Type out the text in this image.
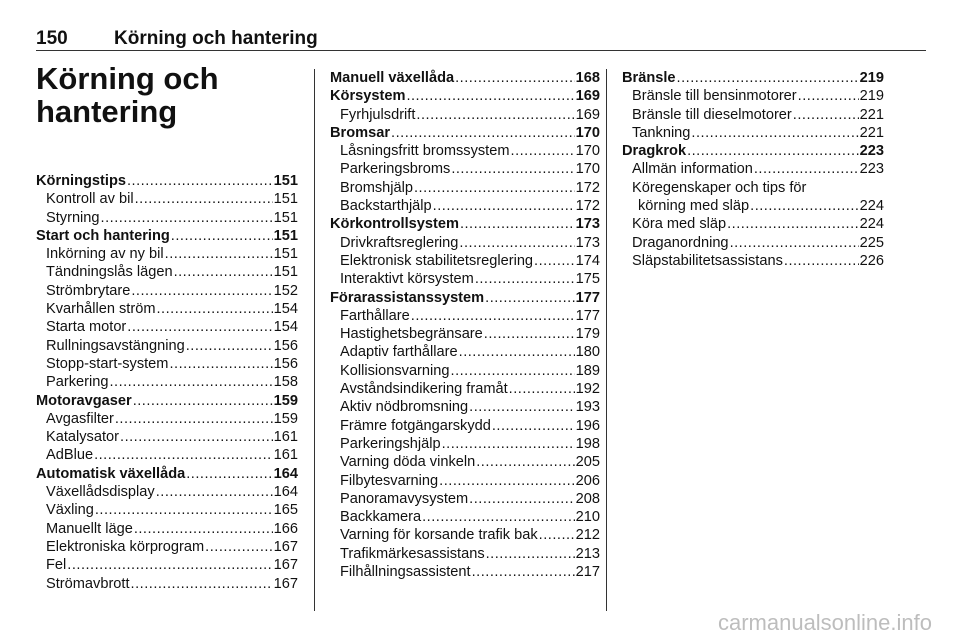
150 Körning och hantering
Körning och
hantering
Körningstips .....	151
Kontroll av bil .....	151
Styrning .....	151
Start och hantering .....	151
Inkörning av ny bil .....	151
Tändningslås lägen .....	151
Strömbrytare .....	152
Kvarhållen ström .....	154
Starta motor .....	154
Rullningsavstängning .....	156
Stopp-start-system .....	156
Parkering .....	158
Motoravgaser .....	159
Avgasfilter .....	159
Katalysator .....	161
AdBlue .....	161
Automatisk växellåda .....	164
Växellådsdisplay .....	164
Växling .....	165
Manuellt läge .....	166
Elektroniska körprogram .....	167
Fel .....	167
Strömavbrott .....	167
Manuell växellåda .....	168
Körsystem .....	169
Fyrhjulsdrift .....	169
Bromsar .....	170
Låsningsfritt bromssystem .....	170
Parkeringsbroms .....	170
Bromshjälp .....	172
Backstarthjälp .....	172
Körkontrollsystem .....	173
Drivkraftsreglering .....	173
Elektronisk stabilitetsreglering .....	174
Interaktivt körsystem .....	175
Förarassistanssystem .....	177
Farthållare .....	177
Hastighetsbegränsare .....	179
Adaptiv farthållare .....	180
Kollisionsvarning .....	189
Avståndsindikering framåt .....	192
Aktiv nödbromsning .....	193
Främre fotgängarskydd .....	196
Parkeringshjälp .....	198
Varning döda vinkeln .....	205
Filbytesvarning .....	206
Panoramavysystem .....	208
Backkamera .....	210
Varning för korsande trafik bak .....	212
Trafikmärkesassistans .....	213
Filhållningsassistent .....	217
Bränsle .....	219
Bränsle till bensinmotorer .....	219
Bränsle till dieselmotorer .....	221
Tankning .....	221
Dragkrok .....	223
Allmän information .....	223
Köregenskaper och tips för
körning med släp .....	224
Köra med släp .....	224
Draganordning .....	225
Släpstabilitetsassistans .....	226
carmanualsonline.info
